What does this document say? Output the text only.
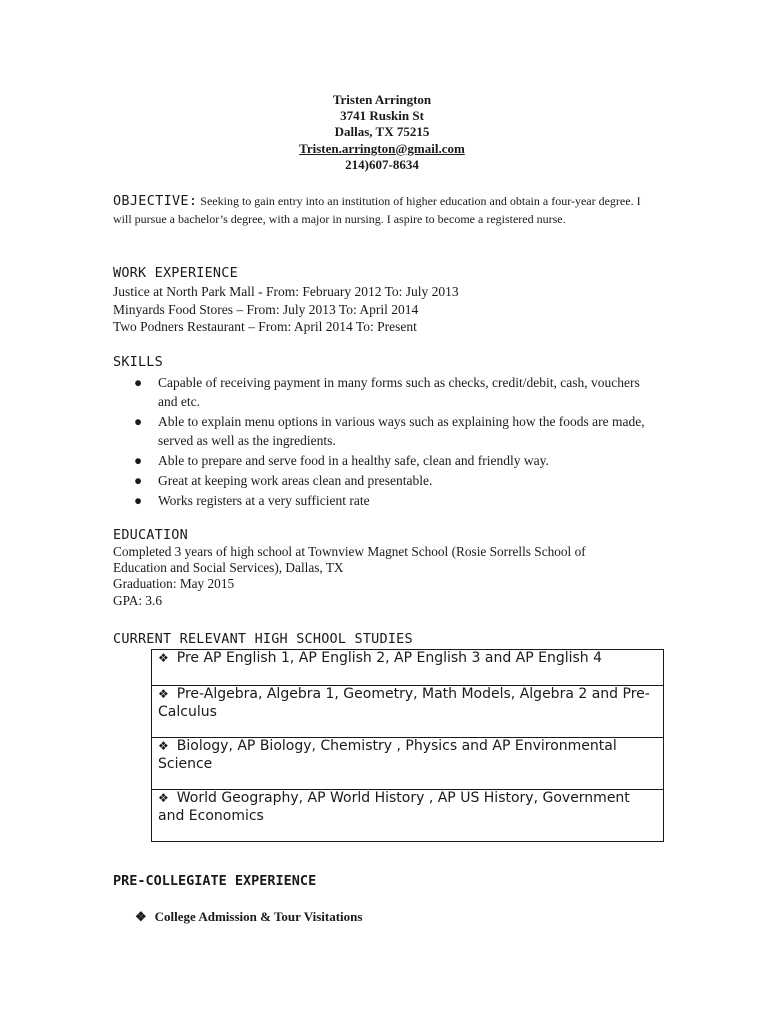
Tristen Arrington
3741 Ruskin St
Dallas, TX 75215
Tristen.arrington@gmail.com
214)607-8634
OBJECTIVE: Seeking to gain entry into an institution of higher education and obtain a four-year degree. I will pursue a bachelor’s degree, with a major in nursing. I aspire to become a registered nurse.
WORK EXPERIENCE
Justice at North Park Mall - From: February 2012 To: July 2013
Minyards Food Stores – From: July 2013 To: April 2014
Two Podners Restaurant – From: April 2014 To: Present
SKILLS
● Capable of receiving payment in many forms such as checks, credit/debit, cash, vouchers and etc.
● Able to explain menu options in various ways such as explaining how the foods are made, served as well as the ingredients.
● Able to prepare and serve food in a healthy safe, clean and friendly way.
● Great at keeping work areas clean and presentable.
● Works registers at a very sufficient rate
EDUCATION
Completed 3 years of high school at Townview Magnet School (Rosie Sorrells School of Education and Social Services), Dallas, TX
Graduation: May 2015
GPA: 3.6
CURRENT RELEVANT HIGH SCHOOL STUDIES
❖ Pre AP English 1, AP English 2, AP English 3 and AP English 4
❖ Pre-Algebra, Algebra 1, Geometry, Math Models, Algebra 2 and Pre-Calculus
❖ Biology, AP Biology, Chemistry , Physics and AP Environmental Science
❖ World Geography, AP World History , AP US History, Government and Economics
PRE-COLLEGIATE EXPERIENCE
❖ College Admission & Tour Visitations
